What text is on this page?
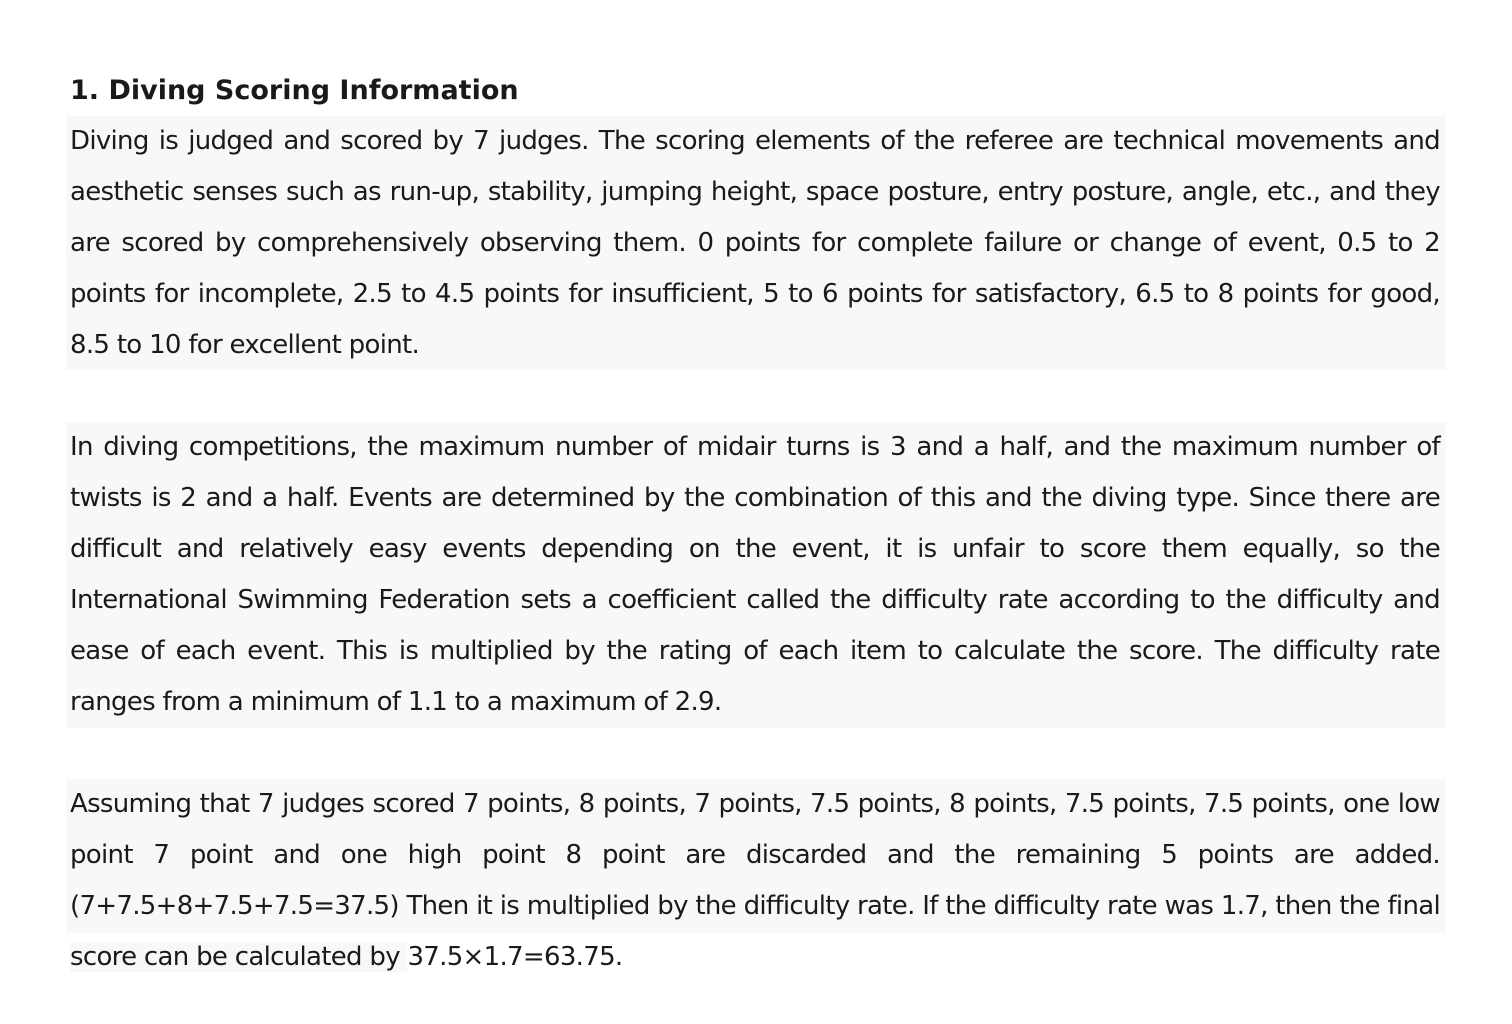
1. Diving Scoring Information

Diving is judged and scored by 7 judges. The scoring elements of the referee are technical movements and aesthetic senses such as run-up, stability, jumping height, space posture, entry posture, angle, etc., and they are scored by comprehensively observing them. 0 points for complete failure or change of event, 0.5 to 2 points for incomplete, 2.5 to 4.5 points for insufficient, 5 to 6 points for satisfactory, 6.5 to 8 points for good, 8.5 to 10 for excellent point.

In diving competitions, the maximum number of midair turns is 3 and a half, and the maximum number of twists is 2 and a half. Events are determined by the combination of this and the diving type. Since there are difficult and relatively easy events depending on the event, it is unfair to score them equally, so the International Swimming Federation sets a coefficient called the difficulty rate according to the difficulty and ease of each event. This is multiplied by the rating of each item to calculate the score. The difficulty rate ranges from a minimum of 1.1 to a maximum of 2.9.

Assuming that 7 judges scored 7 points, 8 points, 7 points, 7.5 points, 8 points, 7.5 points, 7.5 points, one low point 7 point and one high point 8 point are discarded and the remaining 5 points are added. (7+7.5+8+7.5+7.5=37.5) Then it is multiplied by the difficulty rate. If the difficulty rate was 1.7, then the final score can be calculated by 37.5×1.7=63.75.
